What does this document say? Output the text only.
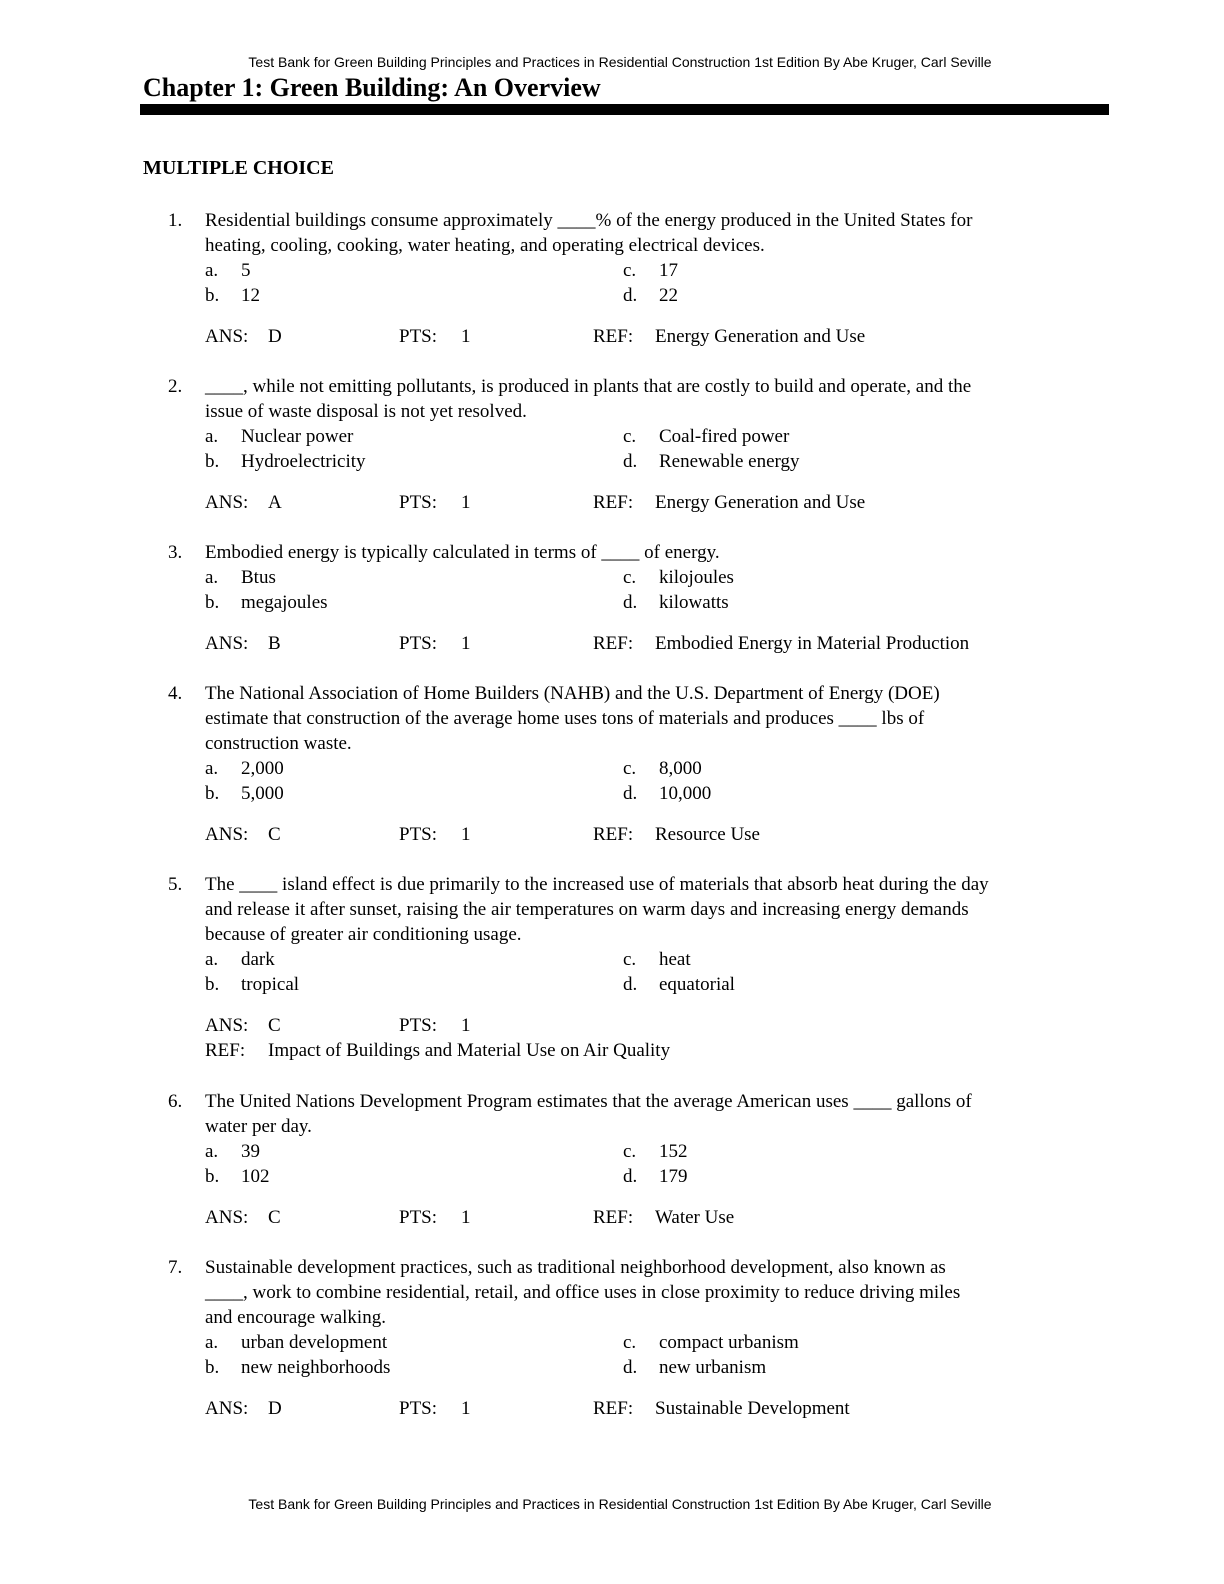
Test Bank for Green Building Principles and Practices in Residential Construction 1st Edition By Abe Kruger, Carl Seville
Chapter 1: Green Building: An Overview
MULTIPLE CHOICE
1. Residential buildings consume approximately ____% of the energy produced in the United States for
heating, cooling, cooking, water heating, and operating electrical devices.
a. 5
b. 12
c. 17
d. 22
ANS: D	PTS: 1	REF: Energy Generation and Use
2. ____, while not emitting pollutants, is produced in plants that are costly to build and operate, and the
issue of waste disposal is not yet resolved.
a. Nuclear power
b. Hydroelectricity
c. Coal-fired power
d. Renewable energy
ANS: A	PTS: 1	REF: Energy Generation and Use
3. Embodied energy is typically calculated in terms of ____ of energy.
a. Btus
b. megajoules
c. kilojoules
d. kilowatts
ANS: B	PTS: 1	REF: Embodied Energy in Material Production
4. The National Association of Home Builders (NAHB) and the U.S. Department of Energy (DOE)
estimate that construction of the average home uses tons of materials and produces ____ lbs of
construction waste.
a. 2,000
b. 5,000
c. 8,000
d. 10,000
ANS: C	PTS: 1	REF: Resource Use
5. The ____ island effect is due primarily to the increased use of materials that absorb heat during the day
and release it after sunset, raising the air temperatures on warm days and increasing energy demands
because of greater air conditioning usage.
a. dark
b. tropical
c. heat
d. equatorial
ANS: C	PTS: 1
REF: Impact of Buildings and Material Use on Air Quality
6. The United Nations Development Program estimates that the average American uses ____ gallons of
water per day.
a. 39
b. 102
c. 152
d. 179
ANS: C	PTS: 1	REF: Water Use
7. Sustainable development practices, such as traditional neighborhood development, also known as
____, work to combine residential, retail, and office uses in close proximity to reduce driving miles
and encourage walking.
a. urban development
b. new neighborhoods
c. compact urbanism
d. new urbanism
ANS: D	PTS: 1	REF: Sustainable Development
Test Bank for Green Building Principles and Practices in Residential Construction 1st Edition By Abe Kruger, Carl Seville
